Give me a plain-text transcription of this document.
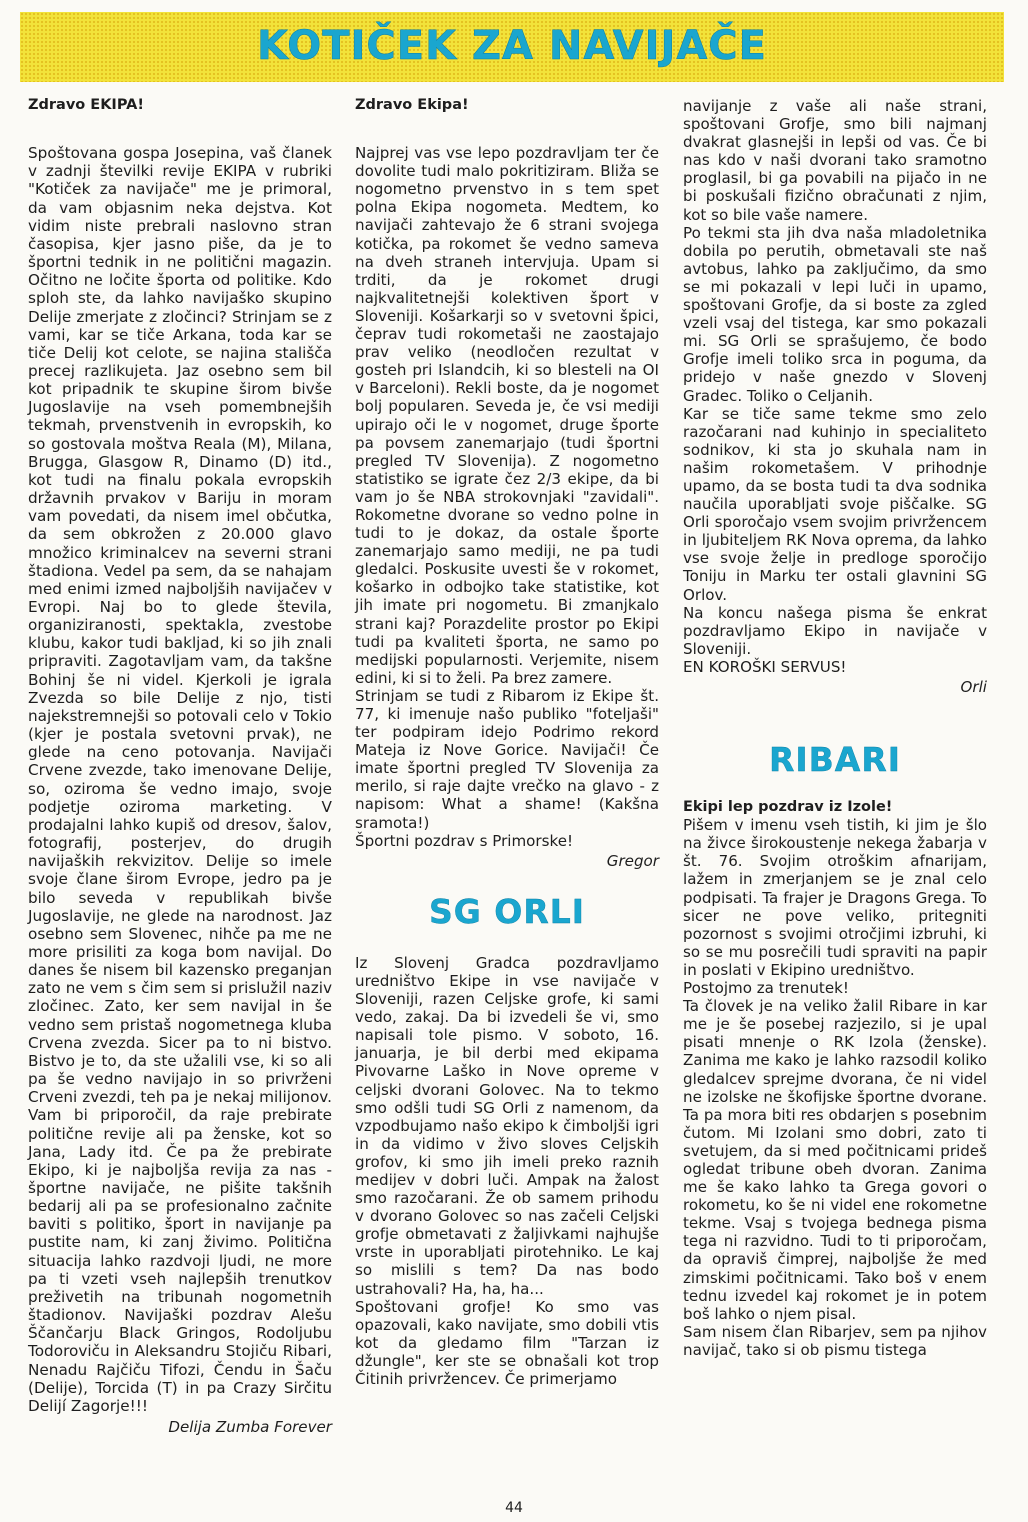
KOTIČEK ZA NAVIJAČE

Zdravo EKIPA!

Spoštovana gospa Josepina, vaš članek v zadnji številki revije EKIPA v rubriki "Kotiček za navijače" me je primoral, da vam objasnim neka dejstva. Kot vidim niste prebrali naslovno stran časopisa, kjer jasno piše, da je to športni tednik in ne politični magazin. Očitno ne ločite športa od politike. Kdo sploh ste, da lahko navijaško skupino Delije zmerjate z zločinci? Strinjam se z vami, kar se tiče Arkana, toda kar se tiče Delij kot celote, se najina stališča precej razlikujeta. Jaz osebno sem bil kot pripadnik te skupine širom bivše Jugoslavije na vseh pomembnejših tekmah, prvenstvenih in evropskih, ko so gostovala moštva Reala (M), Milana, Brugga, Glasgow R, Dinamo (D) itd., kot tudi na finalu pokala evropskih državnih prvakov v Bariju in moram vam povedati, da nisem imel občutka, da sem obkrožen z 20.000 glavo množico kriminalcev na severni strani štadiona. Vedel pa sem, da se nahajam med enimi izmed najboljših navijačev v Evropi. Naj bo to glede števila, organiziranosti, spektakla, zvestobe klubu, kakor tudi bakljad, ki so jih znali pripraviti. Zagotavljam vam, da takšne Bohinj še ni videl. Kjerkoli je igrala Zvezda so bile Delije z njo, tisti najekstremnejši so potovali celo v Tokio (kjer je postala svetovni prvak), ne glede na ceno potovanja. Navijači Crvene zvezde, tako imenovane Delije, so, oziroma še vedno imajo, svoje podjetje oziroma marketing. V prodajalni lahko kupiš od dresov, šalov, fotografij, posterjev, do drugih navijaških rekvizitov. Delije so imele svoje člane širom Evrope, jedro pa je bilo seveda v republikah bivše Jugoslavije, ne glede na narodnost. Jaz osebno sem Slovenec, nihče pa me ne more prisiliti za koga bom navijal. Do danes še nisem bil kazensko preganjan zato ne vem s čim sem si prislužil naziv zločinec. Zato, ker sem navijal in še vedno sem pristaš nogometnega kluba Crvena zvezda. Sicer pa to ni bistvo. Bistvo je to, da ste užalili vse, ki so ali pa še vedno navijajo in so privrženi Crveni zvezdi, teh pa je nekaj milijonov. Vam bi priporočil, da raje prebirate politične revije ali pa ženske, kot so Jana, Lady itd. Če pa že prebirate Ekipo, ki je najboljša revija za nas - športne navijače, ne pišite takšnih bedarij ali pa se profesionalno začnite baviti s politiko, šport in navijanje pa pustite nam, ki zanj živimo. Politična situacija lahko razdvoji ljudi, ne more pa ti vzeti vseh najlepših trenutkov preživetih na tribunah nogometnih štadionov. Navijaški pozdrav Alešu Ščančarju Black Gringos, Rodoljubu Todoroviču in Aleksandru Stojiču Ribari, Nenadu Rajčiču Tifozi, Čendu in Šaču (Delije), Torcida (T) in pa Crazy Sirčitu Delijí Zagorje!!!

Delija Zumba Forever

Zdravo Ekipa!

Najprej vas vse lepo pozdravljam ter če dovolite tudi malo pokritiziram. Bliža se nogometno prvenstvo in s tem spet polna Ekipa nogometa. Medtem, ko navijači zahtevajo že 6 strani svojega kotička, pa rokomet še vedno sameva na dveh straneh intervjuja. Upam si trditi, da je rokomet drugi najkvalitetnejši kolektiven šport v Sloveniji. Košarkarji so v svetovni špici, čeprav tudi rokometaši ne zaostajajo prav veliko (neodločen rezultat v gosteh pri Islandcih, ki so blesteli na OI v Barceloni). Rekli boste, da je nogomet bolj popularen. Seveda je, če vsi mediji upirajo oči le v nogomet, druge športe pa povsem zanemarjajo (tudi športni pregled TV Slovenija). Z nogometno statistiko se igrate čez 2/3 ekipe, da bi vam jo še NBA strokovnjaki "zavidali". Rokometne dvorane so vedno polne in tudi to je dokaz, da ostale športe zanemarjajo samo mediji, ne pa tudi gledalci. Poskusite uvesti še v rokomet, košarko in odbojko take statistike, kot jih imate pri nogometu. Bi zmanjkalo strani kaj? Porazdelite prostor po Ekipi tudi pa kvaliteti športa, ne samo po medijski popularnosti. Verjemite, nisem edini, ki si to želi. Pa brez zamere.

Strinjam se tudi z Ribarom iz Ekipe št. 77, ki imenuje našo publiko "foteljaši" ter podpiram idejo Podrimo rekord Mateja iz Nove Gorice. Navijači! Če imate športni pregled TV Slovenija za merilo, si raje dajte vrečko na glavo - z napisom: What a shame! (Kakšna sramota!)

Športni pozdrav s Primorske!

Gregor

SG ORLI

Iz Slovenj Gradca pozdravljamo uredništvo Ekipe in vse navijače v Sloveniji, razen Celjske grofe, ki sami vedo, zakaj. Da bi izvedeli še vi, smo napisali tole pismo. V soboto, 16. januarja, je bil derbi med ekipama Pivovarne Laško in Nove opreme v celjski dvorani Golovec. Na to tekmo smo odšli tudi SG Orli z namenom, da vzpodbujamo našo ekipo k čimboljši igri in da vidimo v živo sloves Celjskih grofov, ki smo jih imeli preko raznih medijev v dobri luči. Ampak na žalost smo razočarani. Že ob samem prihodu v dvorano Golovec so nas začeli Celjski grofje obmetavati z žaljivkami najhujše vrste in uporabljati pirotehniko. Le kaj so mislili s tem? Da nas bodo ustrahovali? Ha, ha, ha...

Spoštovani grofje! Ko smo vas opazovali, kako navijate, smo dobili vtis kot da gledamo film "Tarzan iz džungle", ker ste se obnašali kot trop Čitinih privržencev. Če primerjamo

navijanje z vaše ali naše strani, spoštovani Grofje, smo bili najmanj dvakrat glasnejši in lepši od vas. Če bi nas kdo v naši dvorani tako sramotno proglasil, bi ga povabili na pijačo in ne bi poskušali fizično obračunati z njim, kot so bile vaše namere.

Po tekmi sta jih dva naša mladoletnika dobila po perutih, obmetavali ste naš avtobus, lahko pa zaključimo, da smo se mi pokazali v lepi luči in upamo, spoštovani Grofje, da si boste za zgled vzeli vsaj del tistega, kar smo pokazali mi. SG Orli se sprašujemo, če bodo Grofje imeli toliko srca in poguma, da pridejo v naše gnezdo v Slovenj Gradec. Toliko o Celjanih.

Kar se tiče same tekme smo zelo razočarani nad kuhinjo in specialiteto sodnikov, ki sta jo skuhala nam in našim rokometašem. V prihodnje upamo, da se bosta tudi ta dva sodnika naučila uporabljati svoje piščalke. SG Orli sporočajo vsem svojim privržencem in ljubiteljem RK Nova oprema, da lahko vse svoje želje in predloge sporočijo Toniju in Marku ter ostali glavnini SG Orlov.

Na koncu našega pisma še enkrat pozdravljamo Ekipo in navijače v Sloveniji.

EN KOROŠKI SERVUS!

Orli

RIBARI

Ekipi lep pozdrav iz Izole!

Pišem v imenu vseh tistih, ki jim je šlo na živce širokoustenje nekega žabarja v št. 76. Svojim otroškim afnarijam, lažem in zmerjanjem se je znal celo podpisati. Ta frajer je Dragons Grega. To sicer ne pove veliko, pritegniti pozornost s svojimi otročjimi izbruhi, ki so se mu posrečili tudi spraviti na papir in poslati v Ekipino uredništvo.

Postojmo za trenutek!

Ta človek je na veliko žalil Ribare in kar me je še posebej razjezilo, si je upal pisati mnenje o RK Izola (ženske). Zanima me kako je lahko razsodil koliko gledalcev sprejme dvorana, če ni videl ne izolske ne škofijske športne dvorane. Ta pa mora biti res obdarjen s posebnim čutom. Mi Izolani smo dobri, zato ti svetujem, da si med počitnicami prideš ogledat tribune obeh dvoran. Zanima me še kako lahko ta Grega govori o rokometu, ko še ni videl ene rokometne tekme. Vsaj s tvojega bednega pisma tega ni razvidno. Tudi to ti priporočam, da opraviš čimprej, najboljše že med zimskimi počitnicami. Tako boš v enem tednu izvedel kaj rokomet je in potem boš lahko o njem pisal.

Sam nisem član Ribarjev, sem pa njihov navijač, tako si ob pismu tistega

44
